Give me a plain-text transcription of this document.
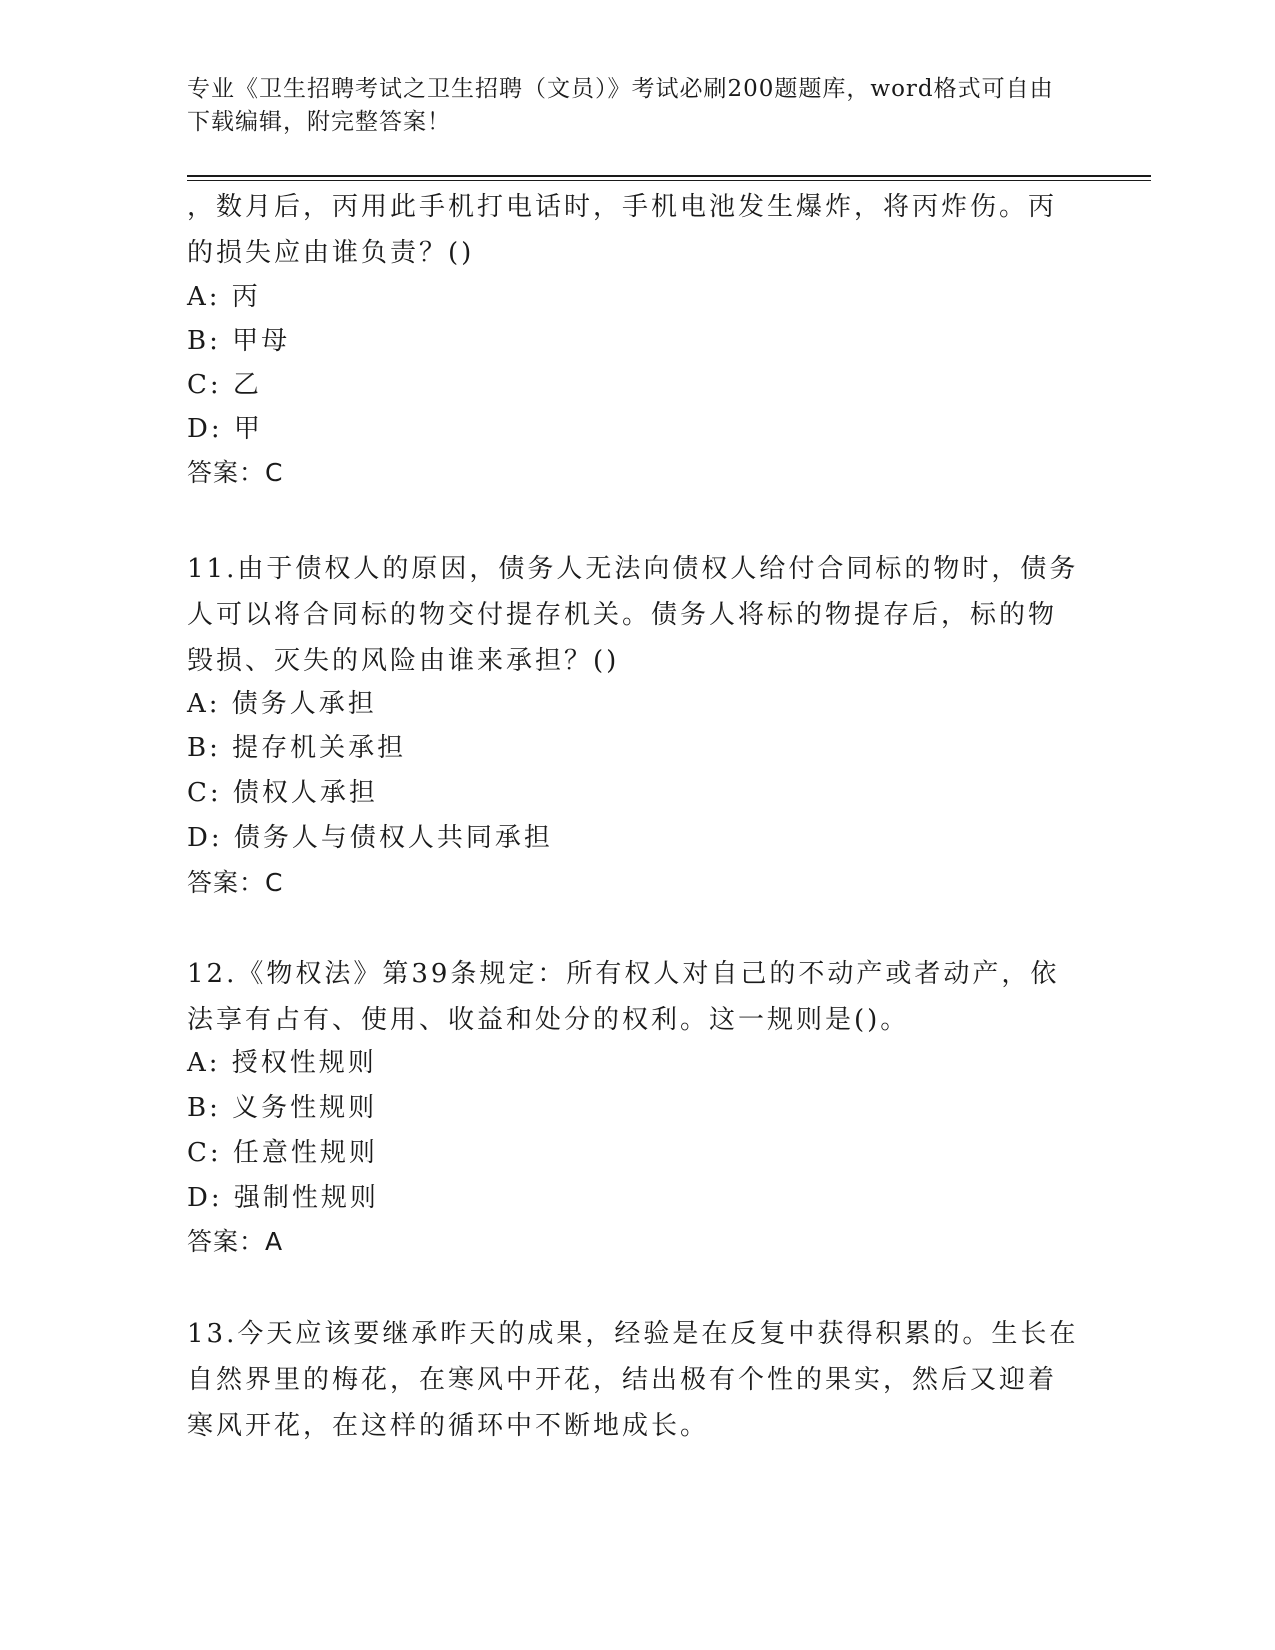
专业《卫生招聘考试之卫生招聘（文员）》考试必刷200题题库，word格式可自由下载编辑，附完整答案！

，数月后，丙用此手机打电话时，手机电池发生爆炸，将丙炸伤。丙

的损失应由谁负责？()

A: 丙

B: 甲母

C: 乙

D: 甲

答案：C

11.由于债权人的原因，债务人无法向债权人给付合同标的物时，债务

人可以将合同标的物交付提存机关。债务人将标的物提存后，标的物

毁损、灭失的风险由谁来承担？()

A: 债务人承担

B: 提存机关承担

C: 债权人承担

D: 债务人与债权人共同承担

答案：C

12.《物权法》第39条规定：所有权人对自己的不动产或者动产，依

法享有占有、使用、收益和处分的权利。这一规则是()。

A: 授权性规则

B: 义务性规则

C: 任意性规则

D: 强制性规则

答案：A

13.今天应该要继承昨天的成果，经验是在反复中获得积累的。生长在

自然界里的梅花，在寒风中开花，结出极有个性的果实，然后又迎着

寒风开花，在这样的循环中不断地成长。
